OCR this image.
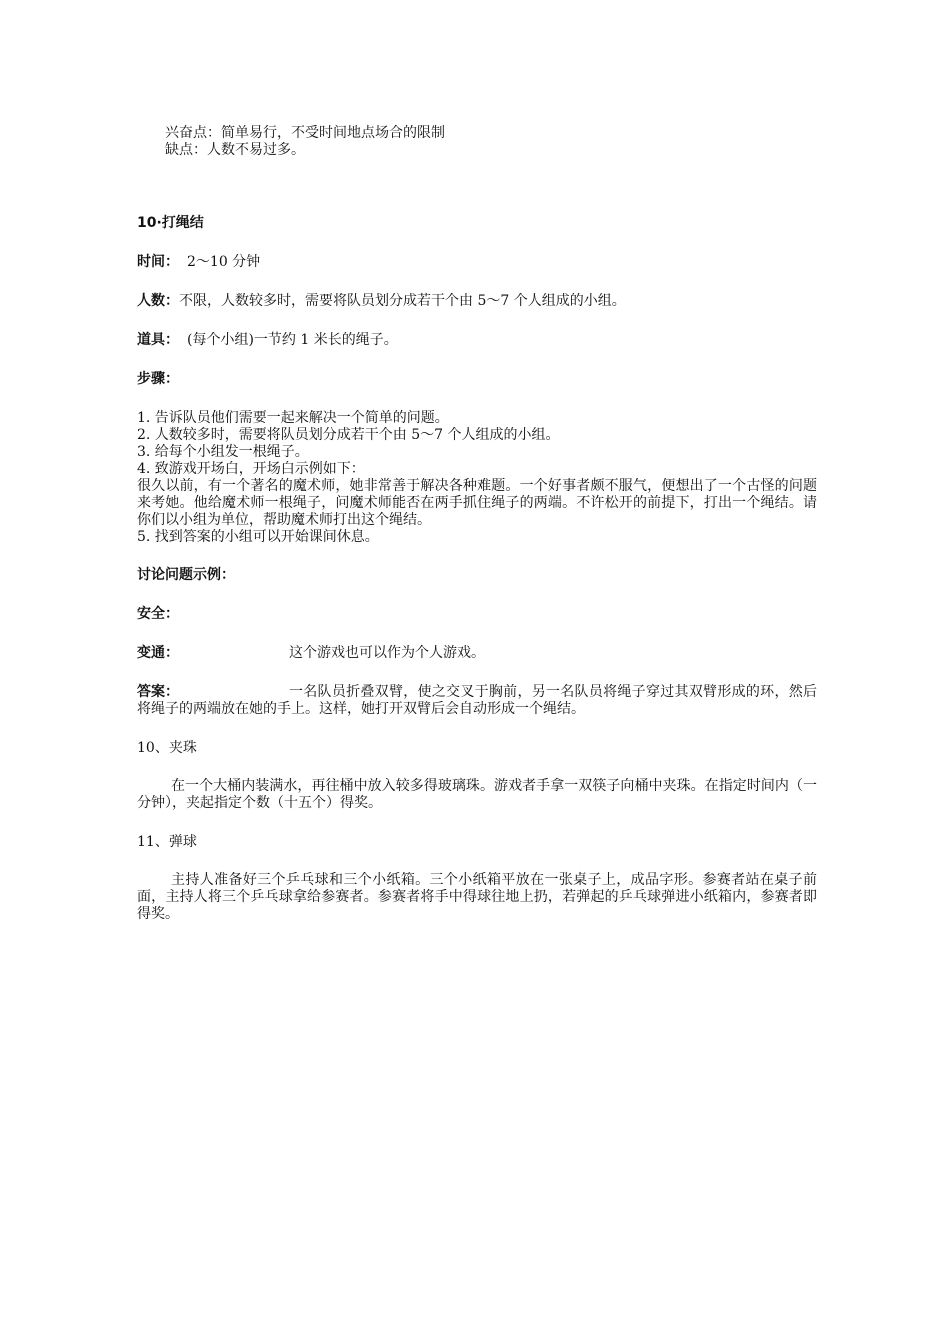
兴奋点：简单易行，不受时间地点场合的限制
缺点：人数不易过多。
10·打绳结
时间： 2～10 分钟
人数：不限，人数较多时，需要将队员划分成若干个由 5～7 个人组成的小组。
道具： (每个小组)一节约 1 米长的绳子。
步骤：
1. 告诉队员他们需要一起来解决一个简单的问题。
2. 人数较多时，需要将队员划分成若干个由 5～7 个人组成的小组。
3. 给每个小组发一根绳子。
4. 致游戏开场白，开场白示例如下：
很久以前，有一个著名的魔术师，她非常善于解决各种难题。一个好事者颇不服气，便想出了一个古怪的问题来考她。他给魔术师一根绳子，问魔术师能否在两手抓住绳子的两端。不许松开的前提下，打出一个绳结。请你们以小组为单位，帮助魔术师打出这个绳结。
5. 找到答案的小组可以开始课间休息。
讨论问题示例：
安全：
变通：	这个游戏也可以作为个人游戏。
答案：	一名队员折叠双臂，使之交叉于胸前，另一名队员将绳子穿过其双臂形成的环，然后将绳子的两端放在她的手上。这样，她打开双臂后会自动形成一个绳结。
10、夹珠
在一个大桶内装满水，再往桶中放入较多得玻璃珠。游戏者手拿一双筷子向桶中夹珠。在指定时间内（一分钟），夹起指定个数（十五个）得奖。
11、弹球
主持人准备好三个乒乓球和三个小纸箱。三个小纸箱平放在一张桌子上，成品字形。参赛者站在桌子前面，主持人将三个乒乓球拿给参赛者。参赛者将手中得球往地上扔，若弹起的乒乓球弹进小纸箱内，参赛者即得奖。
